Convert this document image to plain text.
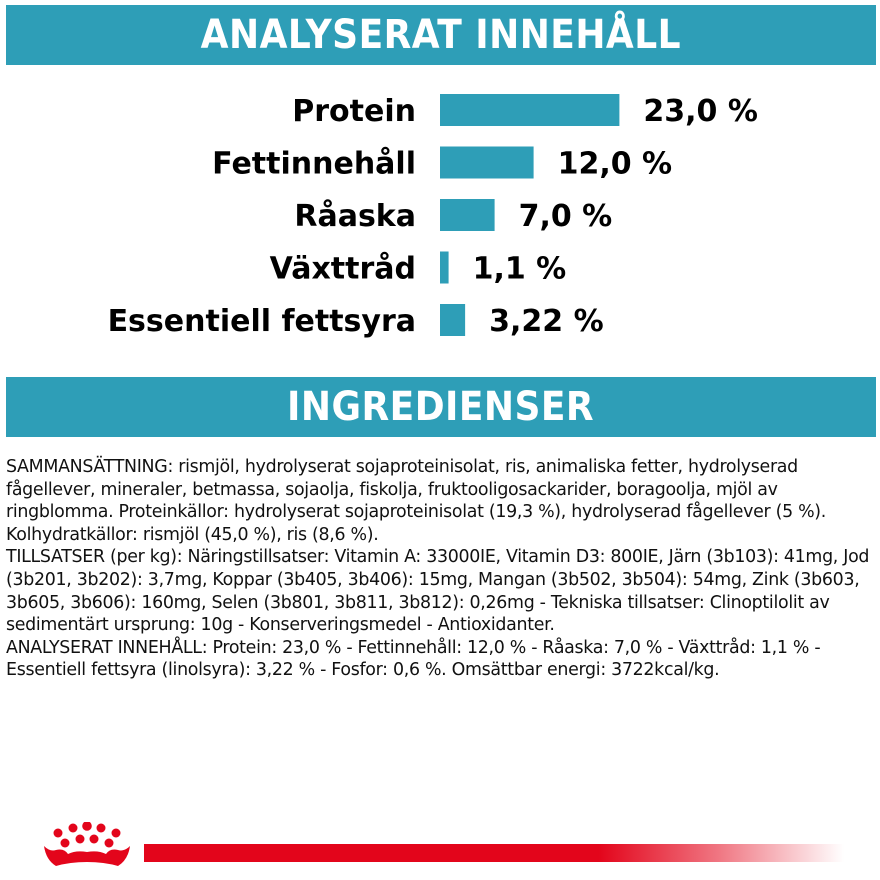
ANALYSERAT INNEHÅLL
Protein	23,0 %
Fettinnehåll	12,0 %
Råaska	7,0 %
Växttråd 1,1 %
Essentiell fettsyra 3,22 %
INGREDIENSER

SAMMANSÄTTNING: rismjöl, hydrolyserat sojaproteinisolat, ris, animaliska fetter, hydrolyserad fågellever, mineraler, betmassa, sojaolja, fiskolja, fruktooligosackarider, boragoolja, mjöl av ringblomma. Proteinkällor: hydrolyserat sojaproteinisolat (19,3 %), hydrolyserad fågellever (5 %). Kolhydratkällor: rismjöl (45,0 %), ris (8,6 %).

TILLSATSER (per kg): Näringstillsatser: Vitamin A: 33000IE, Vitamin D3: 800IE, Järn (3b103): 41mg, Jod (3b201, 3b202): 3,7mg, Koppar (3b405, 3b406): 15mg, Mangan (3b502, 3b504): 54mg, Zink (3b603, 3b605, 3b606): 160mg, Selen (3b801, 3b811, 3b812): 0,26mg - Tekniska tillsatser: Clinoptilolit av sedimentärt ursprung: 10g - Konserveringsmedel - Antioxidanter.

ANALYSERAT INNEHÅLL: Protein: 23,0 % - Fettinnehåll: 12,0 % - Råaska: 7,0 % - Växttråd: 1,1 % - Essentiell fettsyra (linolsyra): 3,22 % - Fosfor: 0,6 %. Omsättbar energi: 3722kcal/kg.
